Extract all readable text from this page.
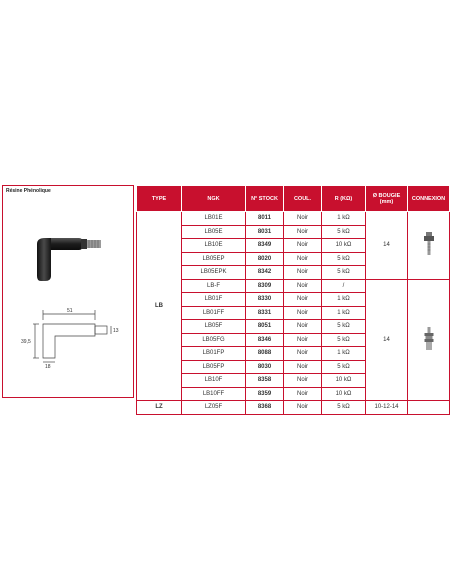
Résine Phénolique
51
39,5
18
13
TYPE	NGK	N° STOCK	COUL.	R (KΩ)	Ø BOUGIE (mm)	CONNEXION
LB	LB01E	8011	Noir	1 kΩ	14	
	LB05E	8031	Noir	5 kΩ		
	LB10E	8349	Noir	10 kΩ		
	LB05EP	8020	Noir	5 kΩ		
	LB05EPK	8342	Noir	5 kΩ		
	LB-F	8309	Noir	/	14	
	LB01F	8330	Noir	1 kΩ		
	LB01FF	8331	Noir	1 kΩ		
	LB05F	8051	Noir	5 kΩ		
	LB05FG	8346	Noir	5 kΩ		
	LB01FP	8088	Noir	1 kΩ		
	LB05FP	8030	Noir	5 kΩ		
	LB10F	8358	Noir	10 kΩ		
	LB10FF	8359	Noir	10 kΩ		
LZ	LZ05F	8368	Noir	5 kΩ	10-12-14	
